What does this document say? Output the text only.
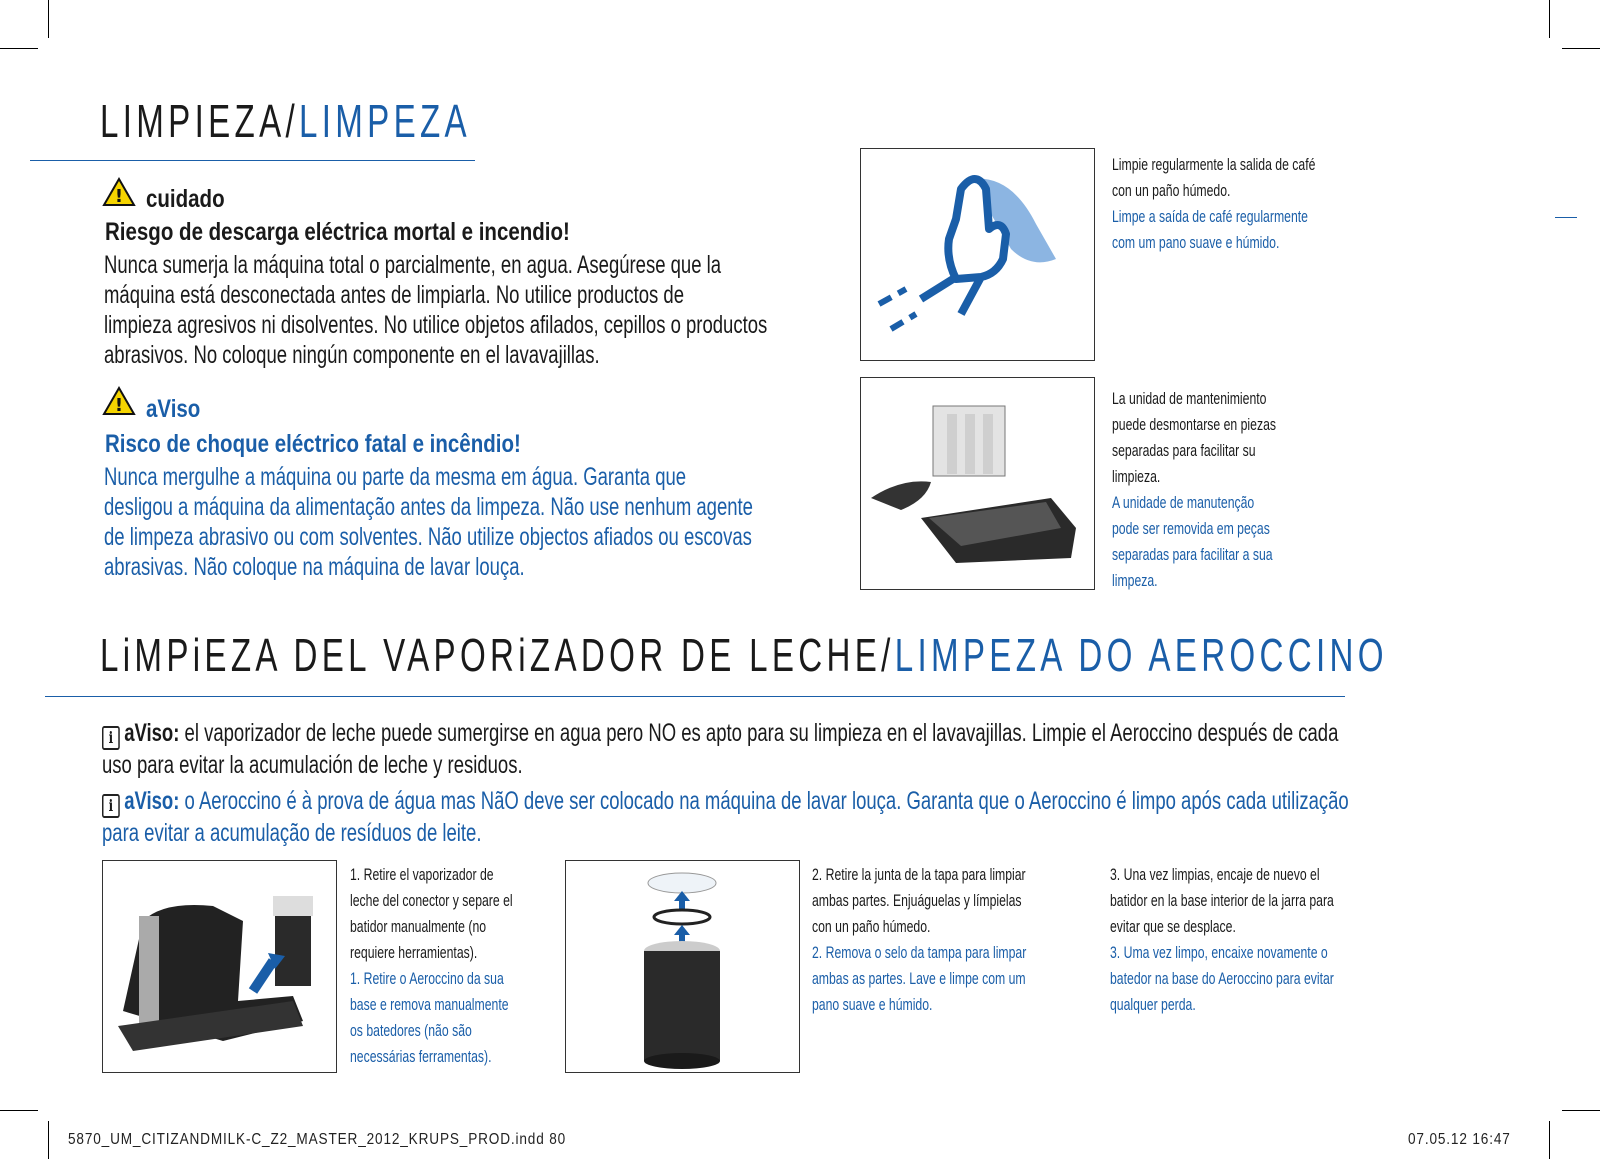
LIMPIEZA/LIMPEZA
! cuidado
Riesgo de descarga eléctrica mortal e incendio!
Nunca sumerja la máquina total o parcialmente, en agua. Asegúrese que la
máquina está desconectada antes de limpiarla. No utilice productos de
limpieza agresivos ni disolventes. No utilice objetos afilados, cepillos o productos
abrasivos. No coloque ningún componente en el lavavajillas.
! aViso
Risco de choque eléctrico fatal e incêndio!
Nunca mergulhe a máquina ou parte da mesma em água. Garanta que
desligou a máquina da alimentação antes da limpeza. Não use nenhum agente
de limpeza abrasivo ou com solventes. Não utilize objectos afiados ou escovas
abrasivas. Não coloque na máquina de lavar louça.
Limpie regularmente la salida de café
con un paño húmedo.
Limpe a saída de café regularmente
com um pano suave e húmido.
La unidad de mantenimiento
puede desmontarse en piezas
separadas para facilitar su
limpieza.
A unidade de manutenção
pode ser removida em peças
separadas para facilitar a sua
limpeza.
LiMPiEZA DEL VAPORiZADOR DE LECHE/LIMPEZA DO AEROCCINO
i aViso: el vaporizador de leche puede sumergirse en agua pero NO es apto para su limpieza en el lavavajillas. Limpie el Aeroccino después de cada
uso para evitar la acumulación de leche y residuos.
i aViso: o Aeroccino é à prova de água mas NãO deve ser colocado na máquina de lavar louça. Garanta que o Aeroccino é limpo após cada utilização
para evitar a acumulação de resíduos de leite.
1. Retire el vaporizador de
leche del conector y separe el
batidor manualmente (no
requiere herramientas).
1. Retire o Aeroccino da sua
base e remova manualmente
os batedores (não são
necessárias ferramentas).
2. Retire la junta de la tapa para limpiar
ambas partes. Enjuáguelas y límpielas
con un paño húmedo.
2. Remova o selo da tampa para limpar
ambas as partes. Lave e limpe com um
pano suave e húmido.
3. Una vez limpias, encaje de nuevo el
batidor en la base interior de la jarra para
evitar que se desplace.
3. Uma vez limpo, encaixe novamente o
batedor na base do Aeroccino para evitar
qualquer perda.
5870_UM_CITIZANDMILK-C_Z2_MASTER_2012_KRUPS_PROD.indd 80	07.05.12 16:47
